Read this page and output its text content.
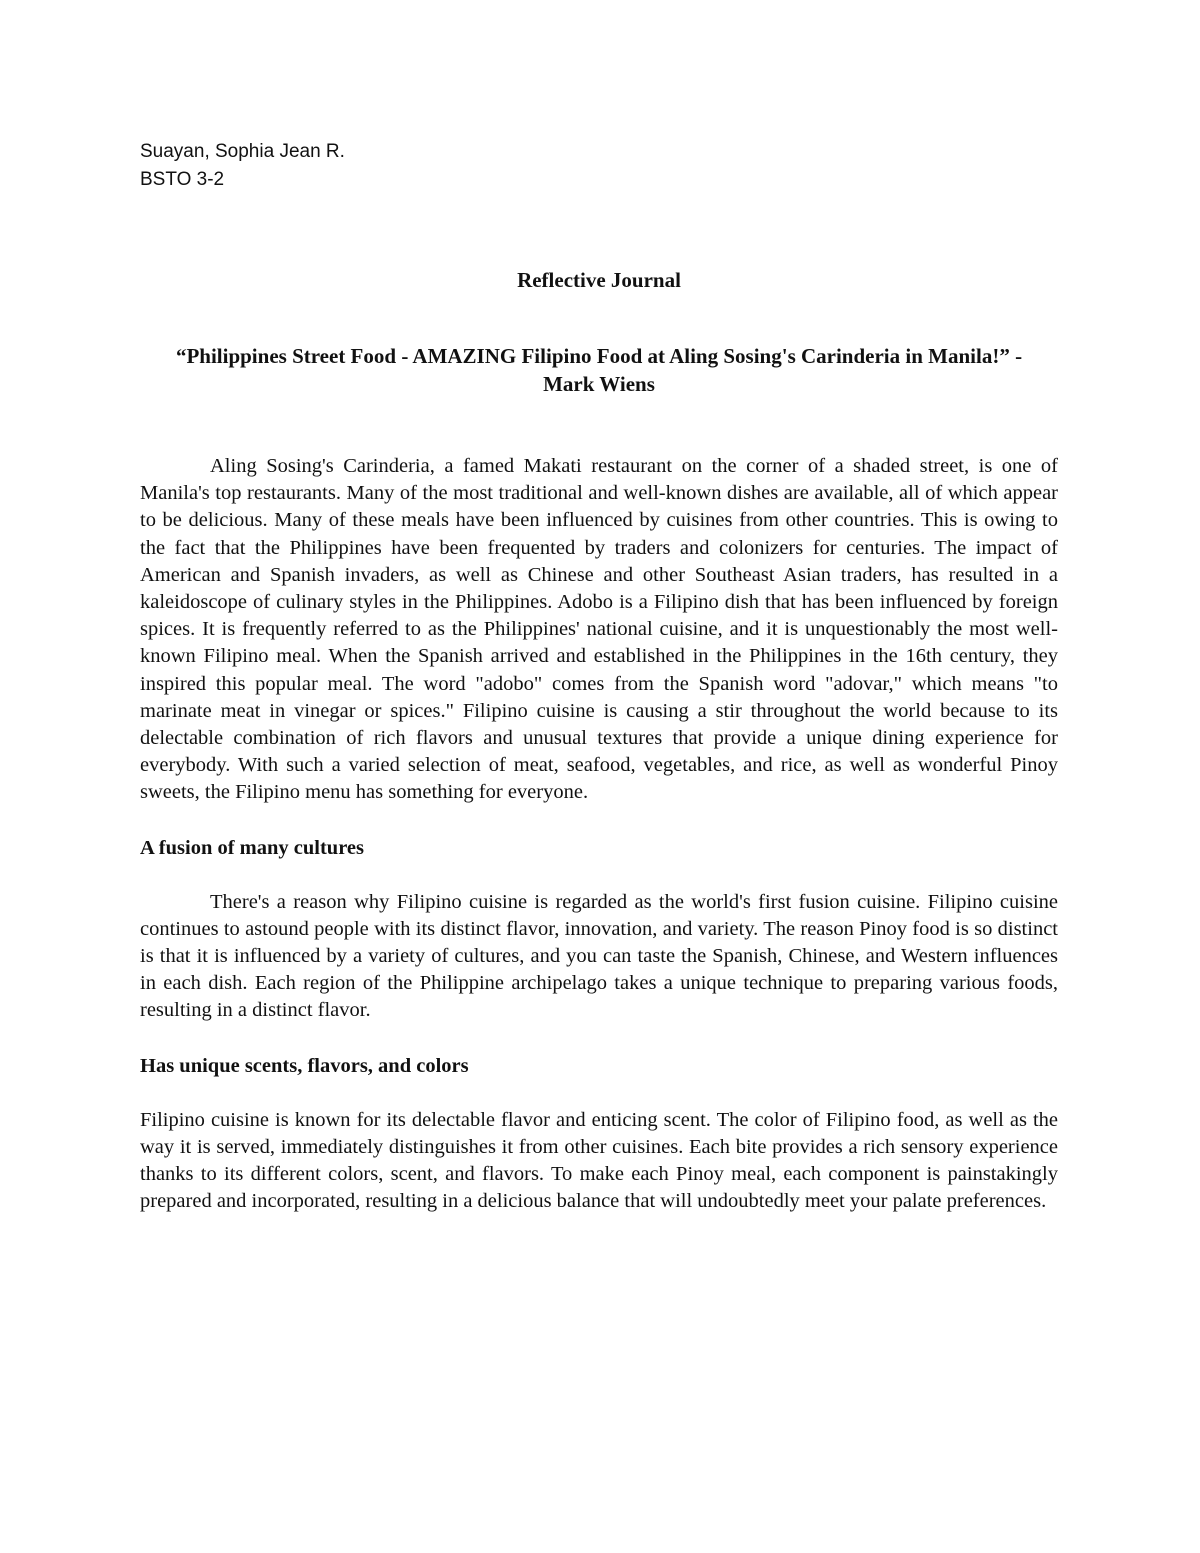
Suayan, Sophia Jean R.
BSTO 3-2
Reflective Journal
“Philippines Street Food - AMAZING Filipino Food at Aling Sosing's Carinderia in Manila!” - Mark Wiens

Aling Sosing's Carinderia, a famed Makati restaurant on the corner of a shaded street, is one of Manila's top restaurants. Many of the most traditional and well-known dishes are available, all of which appear to be delicious. Many of these meals have been influenced by cuisines from other countries. This is owing to the fact that the Philippines have been frequented by traders and colonizers for centuries. The impact of American and Spanish invaders, as well as Chinese and other Southeast Asian traders, has resulted in a kaleidoscope of culinary styles in the Philippines. Adobo is a Filipino dish that has been influenced by foreign spices. It is frequently referred to as the Philippines' national cuisine, and it is unquestionably the most well-known Filipino meal. When the Spanish arrived and established in the Philippines in the 16th century, they inspired this popular meal. The word "adobo" comes from the Spanish word "adovar," which means "to marinate meat in vinegar or spices." Filipino cuisine is causing a stir throughout the world because to its delectable combination of rich flavors and unusual textures that provide a unique dining experience for everybody. With such a varied selection of meat, seafood, vegetables, and rice, as well as wonderful Pinoy sweets, the Filipino menu has something for everyone.

A fusion of many cultures

There's a reason why Filipino cuisine is regarded as the world's first fusion cuisine. Filipino cuisine continues to astound people with its distinct flavor, innovation, and variety. The reason Pinoy food is so distinct is that it is influenced by a variety of cultures, and you can taste the Spanish, Chinese, and Western influences in each dish. Each region of the Philippine archipelago takes a unique technique to preparing various foods, resulting in a distinct flavor.

Has unique scents, flavors, and colors

Filipino cuisine is known for its delectable flavor and enticing scent. The color of Filipino food, as well as the way it is served, immediately distinguishes it from other cuisines. Each bite provides a rich sensory experience thanks to its different colors, scent, and flavors. To make each Pinoy meal, each component is painstakingly prepared and incorporated, resulting in a delicious balance that will undoubtedly meet your palate preferences.
